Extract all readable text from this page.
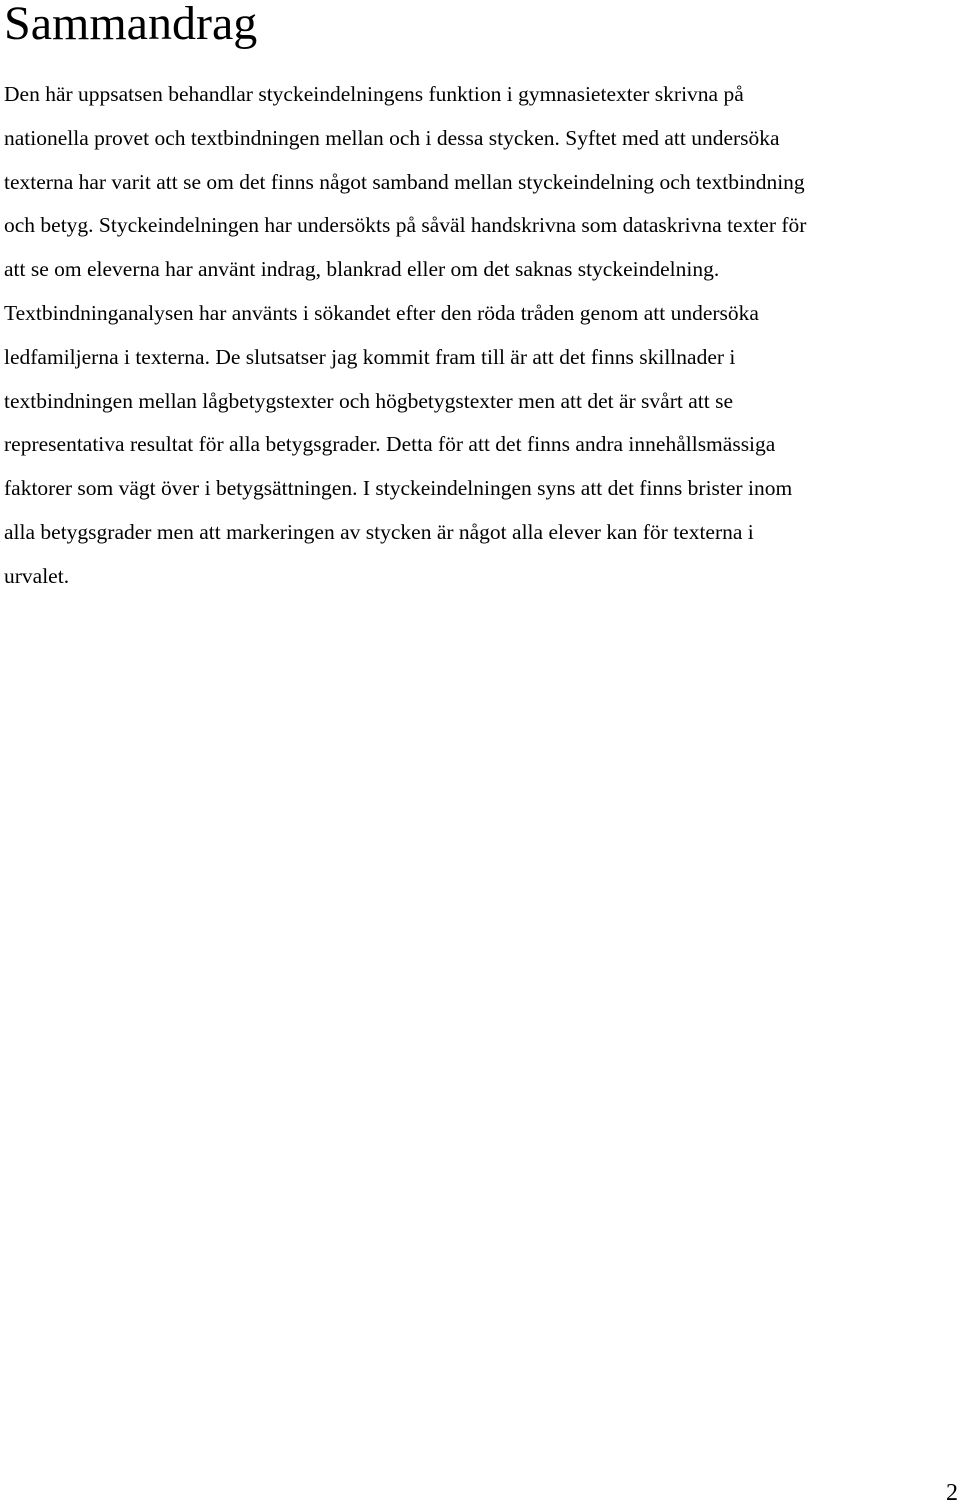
Sammandrag
Den här uppsatsen behandlar styckeindelningens funktion i gymnasietexter skrivna på
nationella provet och textbindningen mellan och i dessa stycken. Syftet med att undersöka
texterna har varit att se om det finns något samband mellan styckeindelning och textbindning
och betyg. Styckeindelningen har undersökts på såväl handskrivna som dataskrivna texter för
att se om eleverna har använt indrag, blankrad eller om det saknas styckeindelning.
Textbindninganalysen har använts i sökandet efter den röda tråden genom att undersöka
ledfamiljerna i texterna. De slutsatser jag kommit fram till är att det finns skillnader i
textbindningen mellan lågbetygstexter och högbetygstexter men att det är svårt att se
representativa resultat för alla betygsgrader. Detta för att det finns andra innehållsmässiga
faktorer som vägt över i betygsättningen. I styckeindelningen syns att det finns brister inom
alla betygsgrader men att markeringen av stycken är något alla elever kan för texterna i
urvalet.
2
